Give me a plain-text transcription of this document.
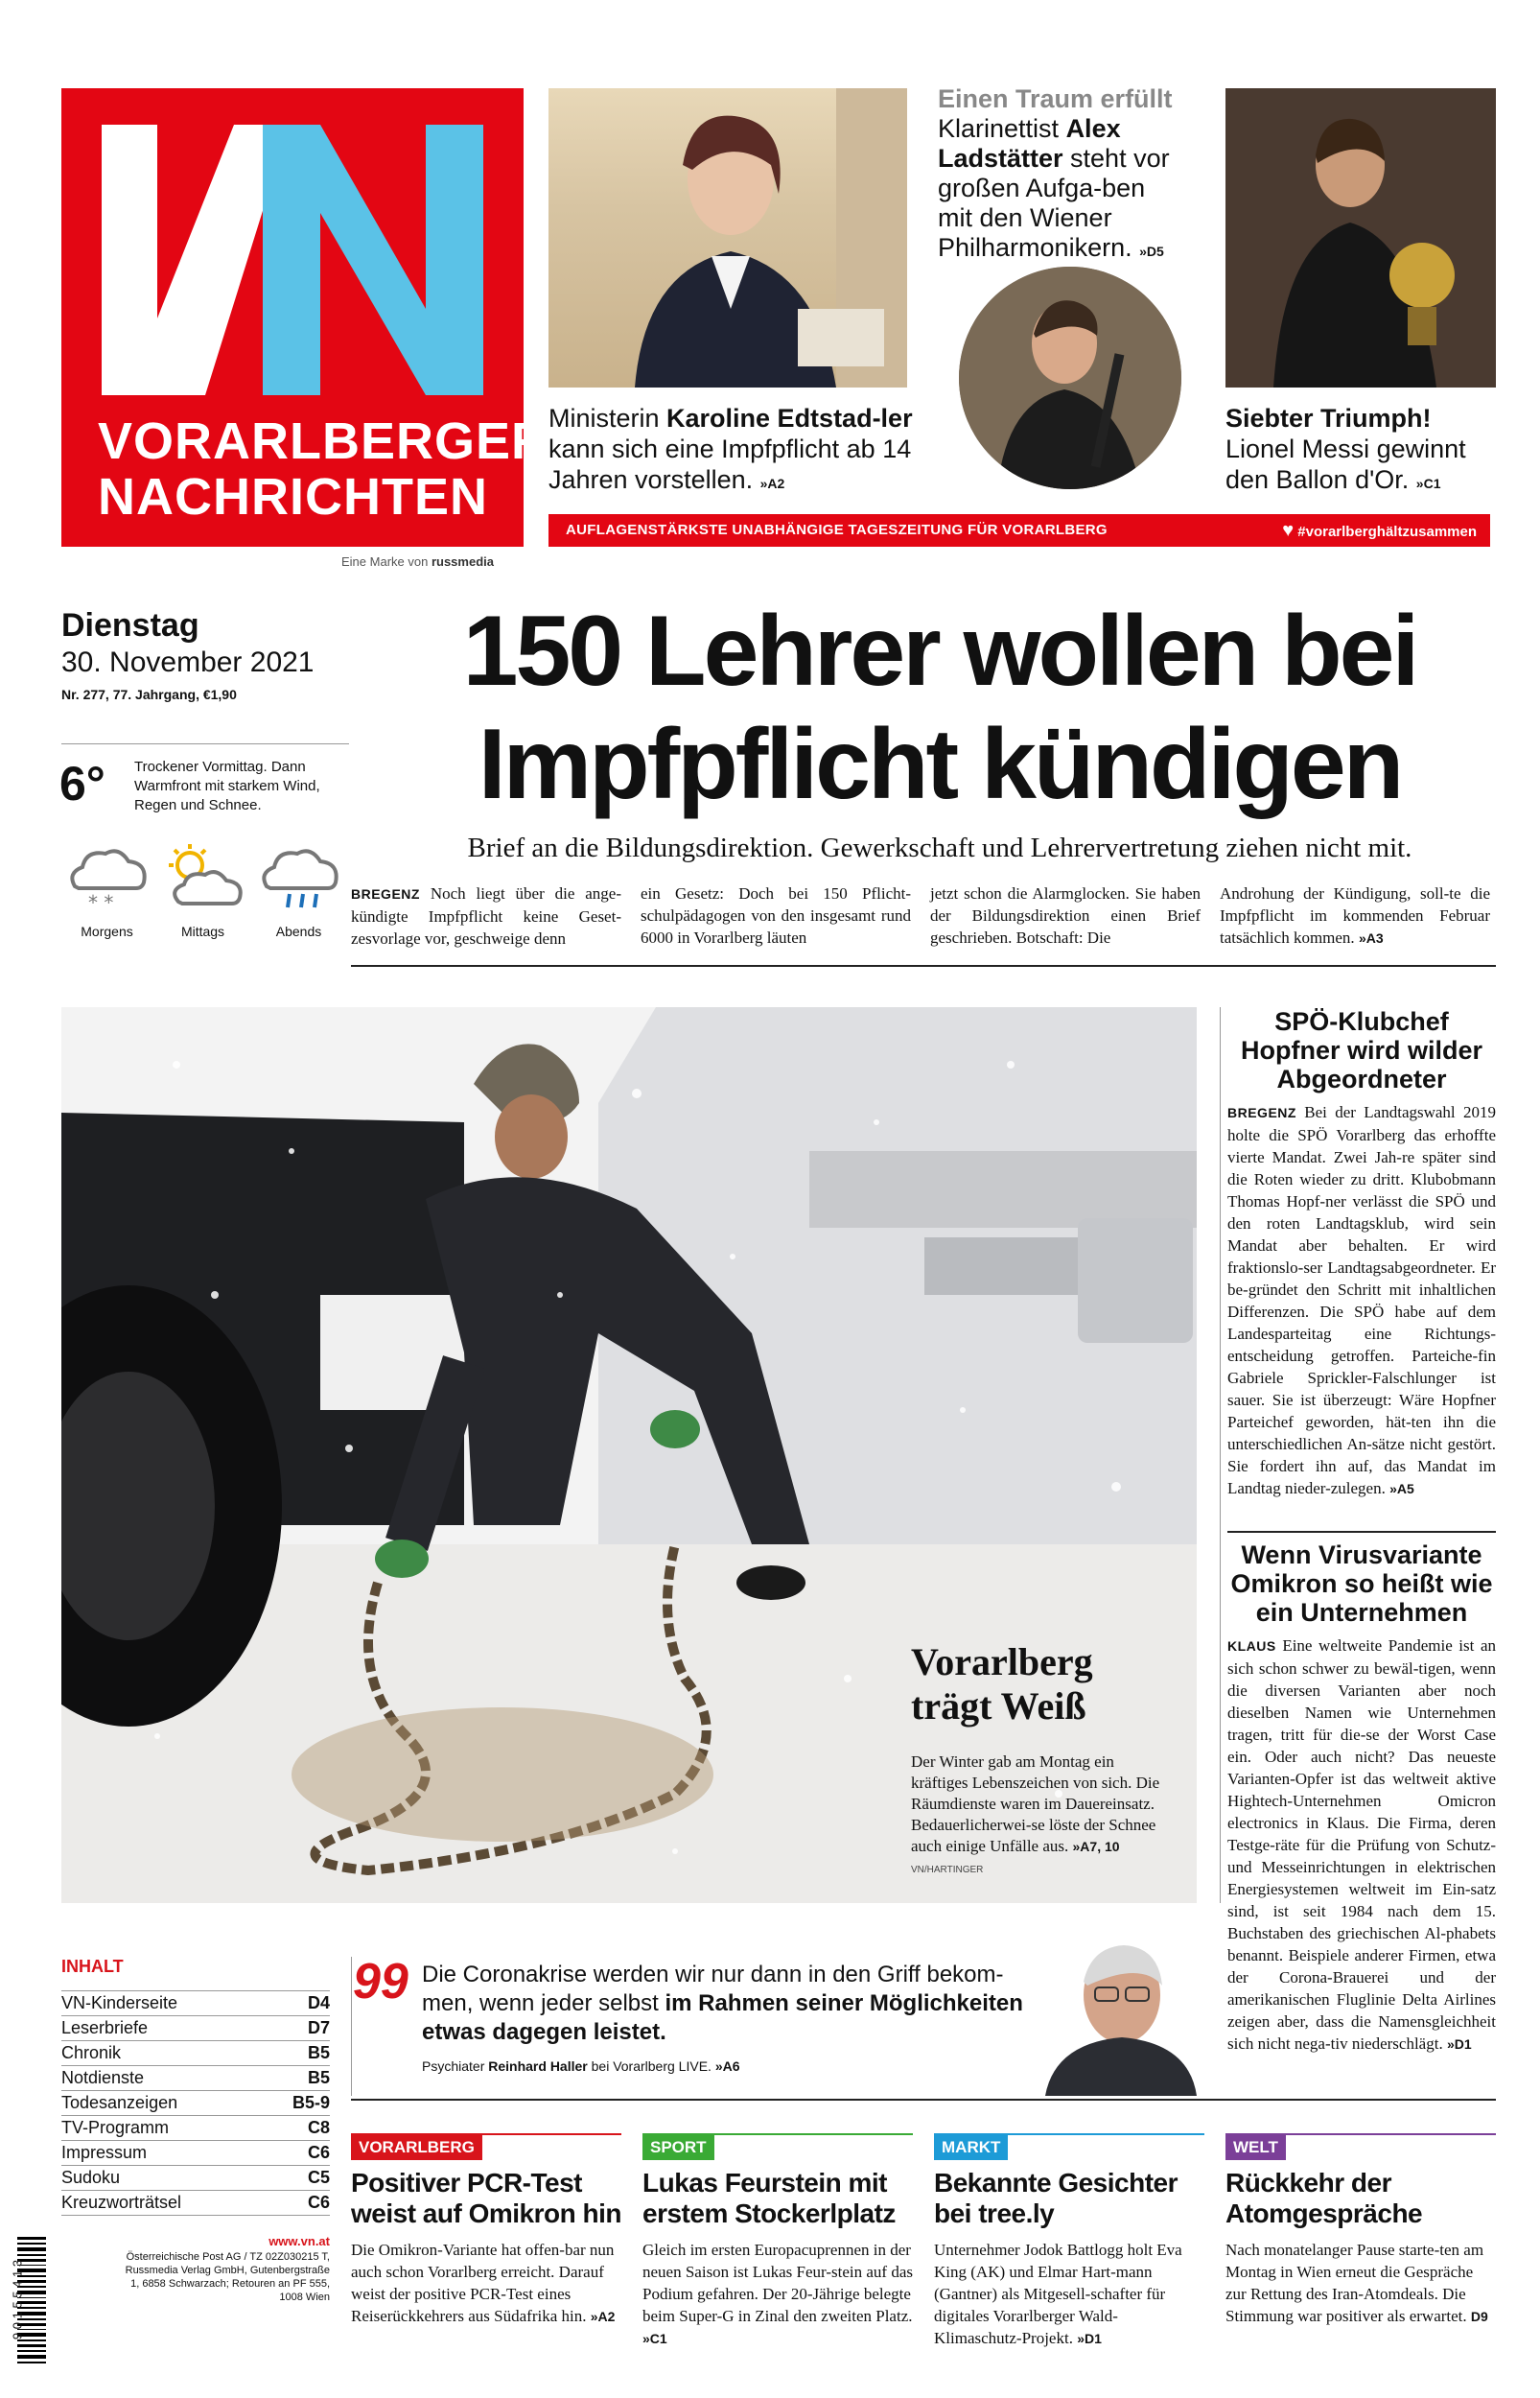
VORARLBERGER
NACHRICHTEN
Eine Marke von russmedia
Ministerin Karoline Edtstad-ler kann sich eine Impfpflicht ab 14 Jahren vorstellen. »A2
Einen Traum erfüllt
Klarinettist Alex Ladstätter steht vor großen Aufga-ben mit den Wiener Philharmonikern. »D5
Siebter Triumph!
Lionel Messi gewinnt den Ballon d'Or. »C1
AUFLAGENSTÄRKSTE UNABHÄNGIGE TAGESZEITUNG FÜR VORARLBERG	♥ #vorarlberghältzusammen
Dienstag
30. November 2021
Nr. 277, 77. Jahrgang, €1,90
6° Trockener Vormittag. Dann Warmfront mit starkem Wind, Regen und Schnee.
* *
Morgens	Mittags	Abends
150 Lehrer wollen bei
Impfpflicht kündigen
Brief an die Bildungsdirektion. Gewerkschaft und Lehrervertretung ziehen nicht mit.
BREGENZ Noch liegt über die ange-kündigte Impfpflicht keine Geset-zesvorlage vor, geschweige denn
ein Gesetz: Doch bei 150 Pflicht-schulpädagogen von den insgesamt rund 6000 in Vorarlberg läuten
jetzt schon die Alarmglocken. Sie haben der Bildungsdirektion einen Brief geschrieben. Botschaft: Die
Androhung der Kündigung, soll-te die Impfpflicht im kommenden Februar tatsächlich kommen. »A3
Vorarlberg
trägt Weiß
Der Winter gab am Montag ein kräftiges Lebenszeichen von sich. Die Räumdienste waren im Dauereinsatz. Bedauerlicherwei-se löste der Schnee auch einige Unfälle aus. »A7, 10 VN/HARTINGER
SPÖ-Klubchef Hopfner wird wilder Abgeordneter
BREGENZ Bei der Landtagswahl 2019 holte die SPÖ Vorarlberg das erhoffte vierte Mandat. Zwei Jah-re später sind die Roten wieder zu dritt. Klubobmann Thomas Hopf-ner verlässt die SPÖ und den roten Landtagsklub, wird sein Mandat aber behalten. Er wird fraktionslo-ser Landtagsabgeordneter. Er be-gründet den Schritt mit inhaltlichen Differenzen. Die SPÖ habe auf dem Landesparteitag eine Richtungs-entscheidung getroffen. Parteiche-fin Gabriele Sprickler-Falschlunger ist sauer. Sie ist überzeugt: Wäre Hopfner Parteichef geworden, hät-ten ihn die unterschiedlichen An-sätze nicht gestört. Sie fordert ihn auf, das Mandat im Landtag nieder-zulegen. »A5
Wenn Virusvariante Omikron so heißt wie ein Unternehmen
KLAUS Eine weltweite Pandemie ist an sich schon schwer zu bewäl-tigen, wenn die diversen Varianten aber noch dieselben Namen wie Unternehmen tragen, tritt für die-se der Worst Case ein. Oder auch nicht? Das neueste Varianten-Opfer ist das weltweit aktive Hightech-Unternehmen Omicron electronics in Klaus. Die Firma, deren Testge-räte für die Prüfung von Schutz- und Messeinrichtungen in elektrischen Energiesystemen weltweit im Ein-satz sind, ist seit 1984 nach dem 15. Buchstaben des griechischen Al-phabets benannt. Beispiele anderer Firmen, etwa der Corona-Brauerei und der amerikanischen Fluglinie Delta Airlines zeigen aber, dass die Namensgleichheit sich nicht nega-tiv niederschlägt. »D1
INHALT
VN-Kinderseite	D4
Leserbriefe	D7
Chronik	B5
Notdienste	B5
Todesanzeigen	B5-9
TV-Programm	C8
Impressum	C6
Sudoku	C5
Kreuzworträtsel	C6
9 0 1 5 5 4 1 3
www.vn.at
Österreichische Post AG / TZ 02Z030215 T, Russmedia Verlag GmbH, Gutenbergstraße 1, 6858 Schwarzach; Retouren an PF 555, 1008 Wien
99 Die Coronakrise werden wir nur dann in den Griff bekom-men, wenn jeder selbst im Rahmen seiner Möglichkeiten etwas dagegen leistet.
Psychiater Reinhard Haller bei Vorarlberg LIVE. »A6
VORARLBERG
Positiver PCR-Test weist auf Omikron hin
Die Omikron-Variante hat offen-bar nun auch schon Vorarlberg erreicht. Darauf weist der positive PCR-Test eines Reiserückkehrers aus Südafrika hin. »A2
SPORT
Lukas Feurstein mit erstem Stockerlplatz
Gleich im ersten Europacuprennen in der neuen Saison ist Lukas Feur-stein auf das Podium gefahren. Der 20-Jährige belegte beim Super-G in Zinal den zweiten Platz. »C1
MARKT
Bekannte Gesichter bei tree.ly
Unternehmer Jodok Battlogg holt Eva King (AK) und Elmar Hart-mann (Gantner) als Mitgesell-schafter für digitales Vorarlberger Wald-Klimaschutz-Projekt. »D1
WELT
Rückkehr der Atomgespräche
Nach monatelanger Pause starte-ten am Montag in Wien erneut die Gespräche zur Rettung des Iran-Atomdeals. Die Stimmung war positiver als erwartet. D9
